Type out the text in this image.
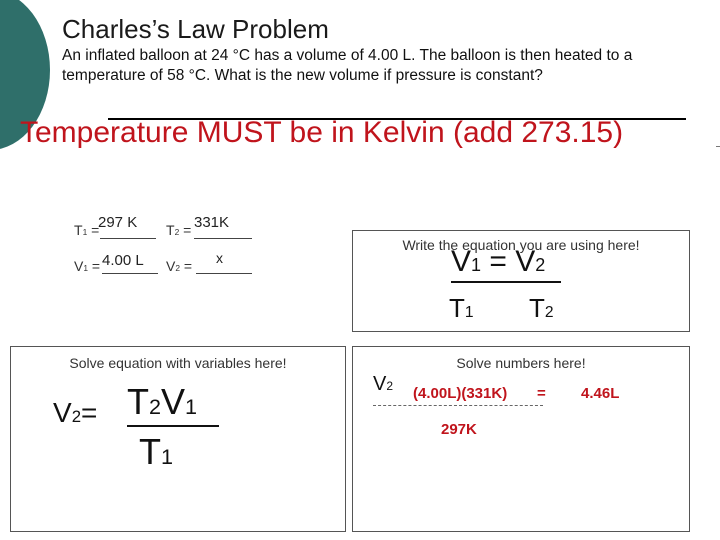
Charles’s Law Problem
An inflated balloon at 24 °C has a volume of 4.00 L. The balloon is then heated to a temperature of 58 °C. What is the new volume if pressure is constant?
Temperature MUST be in Kelvin (add 273.15)
T1 =
297 K T2 = 331K
V1 = 4.00 L V2 = x
Write the equation you are using here!
V1 = V2
T1 T2
Solve equation with variables here!
V2= T2V1
T1
Solve numbers here!
V2 (4.00L)(331K) =
297K
4.46L
